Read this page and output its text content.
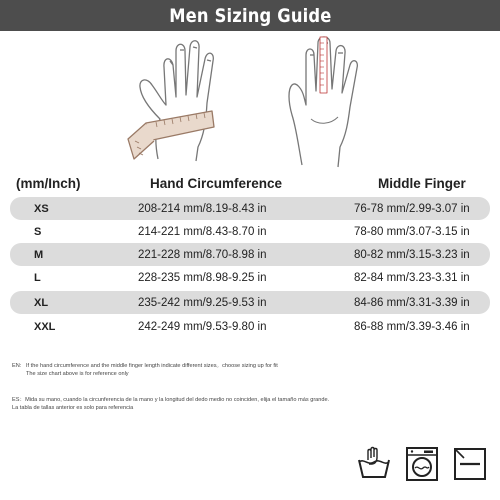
Men Sizing Guide
(mm/Inch)	Hand Circumference	Middle Finger
XS	208-214 mm/8.19-8.43 in	76-78 mm/2.99-3.07 in
S	214-221 mm/8.43-8.70 in	78-80 mm/3.07-3.15 in
M	221-228 mm/8.70-8.98 in	80-82 mm/3.15-3.23 in
L	228-235 mm/8.98-9.25 in	82-84 mm/3.23-3.31 in
XL	235-242 mm/9.25-9.53 in	84-86 mm/3.31-3.39 in
XXL	242-249 mm/9.53-9.80 in	86-88 mm/3.39-3.46 in
EN: If the hand circumference and the middle finger length indicate different sizes。choose sizing up for fit
The size chart above is for reference only
ES：Mida su mano, cuando la circunferencia de la mano y la longitud del dedo medio no coinciden, elija el tamaño más grande.
La tabla de tallas anterior es solo para referencia
